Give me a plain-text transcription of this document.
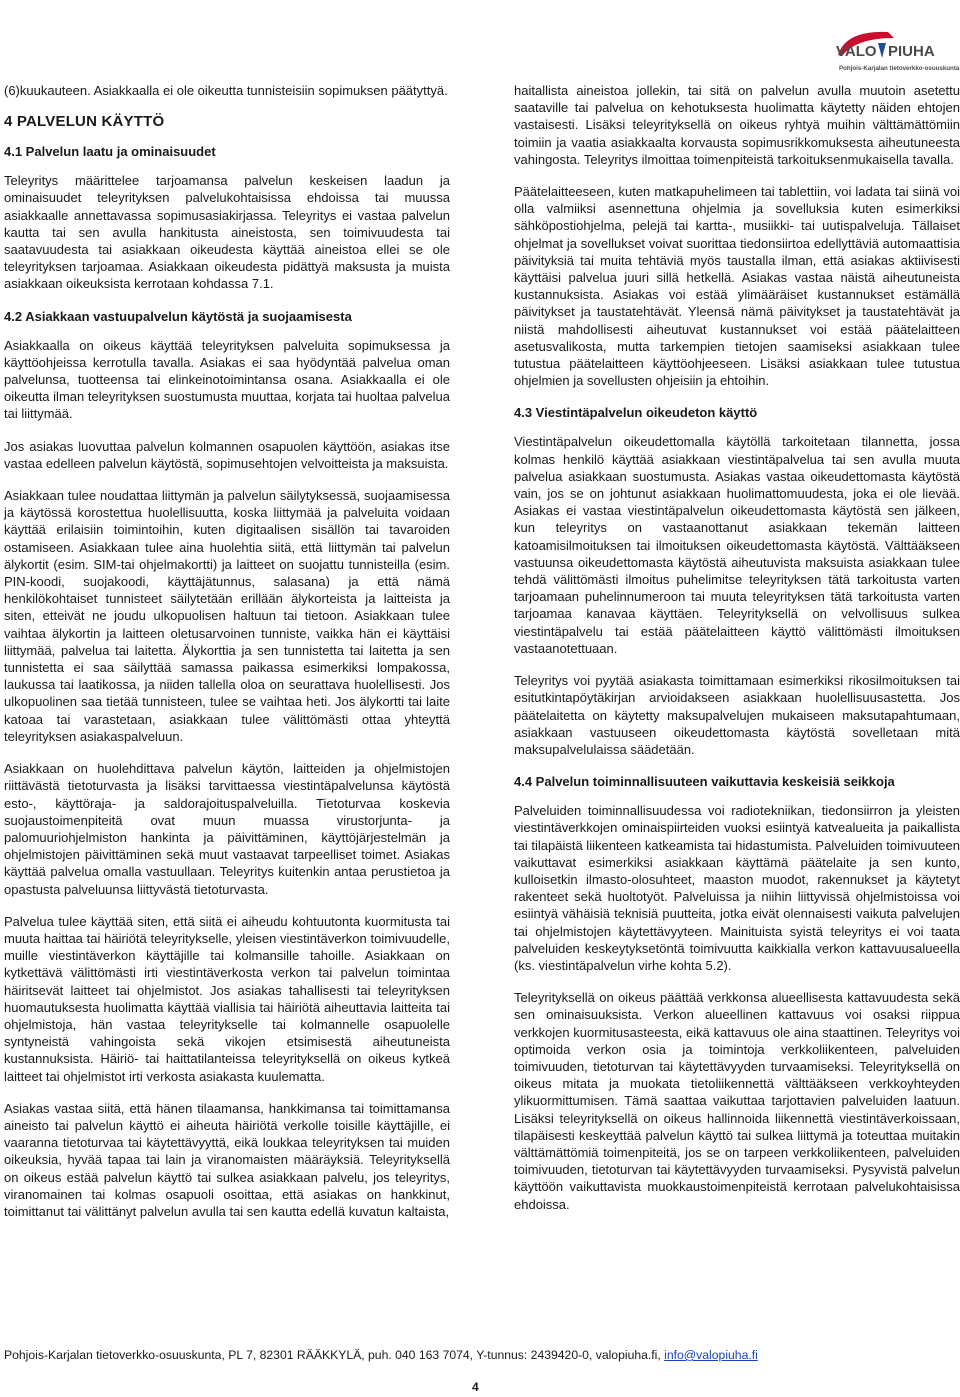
VALO PIUHA
Pohjois-Karjalan tietoverkko-osuuskunta

(6)kuukauteen. Asiakkaalla ei ole oikeutta tunnisteisiin sopimuksen päätyttyä.

4 PALVELUN KÄYTTÖ
4.1 Palvelun laatu ja ominaisuudet

Teleyritys määrittelee tarjoamansa palvelun keskeisen laadun ja ominaisuudet teleyrityksen palvelukohtaisissa ehdoissa tai muussa asiakkaalle annettavassa sopimusasiakirjassa. Teleyritys ei vastaa palvelun kautta tai sen avulla hankitusta aineistosta, sen toimivuudesta tai saatavuudesta tai asiakkaan oikeudesta käyttää aineistoa ellei se ole teleyrityksen tarjoamaa. Asiakkaan oikeudesta pidättyä maksusta ja muista asiakkaan oikeuksista kerrotaan kohdassa 7.1.

4.2 Asiakkaan vastuupalvelun käytöstä ja suojaamisesta

Asiakkaalla on oikeus käyttää teleyrityksen palveluita sopimuksessa ja käyttöohjeissa kerrotulla tavalla. Asiakas ei saa hyödyntää palvelua oman palvelunsa, tuotteensa tai elinkeinotoimintansa osana. Asiakkaalla ei ole oikeutta ilman teleyrityksen suostumusta muuttaa, korjata tai huoltaa palvelua tai liittymää.

Jos asiakas luovuttaa palvelun kolmannen osapuolen käyttöön, asiakas itse vastaa edelleen palvelun käytöstä, sopimusehtojen velvoitteista ja maksuista.

Asiakkaan tulee noudattaa liittymän ja palvelun säilytyksessä, suojaamisessa ja käytössä korostettua huolellisuutta, koska liittymää ja palveluita voidaan käyttää erilaisiin toimintoihin, kuten digitaalisen sisällön tai tavaroiden ostamiseen. Asiakkaan tulee aina huolehtia siitä, että liittymän tai palvelun älykortit (esim. SIM-tai ohjelmakortti) ja laitteet on suojattu tunnisteilla (esim. PIN-koodi, suojakoodi, käyttäjätunnus, salasana) ja että nämä henkilökohtaiset tunnisteet säilytetään erillään älykorteista ja laitteista ja siten, etteivät ne joudu ulkopuolisen haltuun tai tietoon. Asiakkaan tulee vaihtaa älykortin ja laitteen oletusarvoinen tunniste, vaikka hän ei käyttäisi liittymää, palvelua tai laitetta. Älykorttia ja sen tunnistetta tai laitetta ja sen tunnistetta ei saa säilyttää samassa paikassa esimerkiksi lompakossa, laukussa tai laatikossa, ja niiden tallella oloa on seurattava huolellisesti. Jos ulkopuolinen saa tietää tunnisteen, tulee se vaihtaa heti. Jos älykortti tai laite katoaa tai varastetaan, asiakkaan tulee välittömästi ottaa yhteyttä teleyrityksen asiakaspalveluun.

Asiakkaan on huolehdittava palvelun käytön, laitteiden ja ohjelmistojen riittävästä tietoturvasta ja lisäksi tarvittaessa viestintäpalvelunsa käytöstä esto-, käyttöraja- ja saldorajoituspalveluilla. Tietoturvaa koskevia suojaustoimenpiteitä ovat muun muassa virustorjunta- ja palomuuriohjelmiston hankinta ja päivittäminen, käyttöjärjestelmän ja ohjelmistojen päivittäminen sekä muut vastaavat tarpeelliset toimet. Asiakas käyttää palvelua omalla vastuullaan. Teleyritys kuitenkin antaa perustietoa ja opastusta palveluunsa liittyvästä tietoturvasta.

Palvelua tulee käyttää siten, että siitä ei aiheudu kohtuutonta kuormitusta tai muuta haittaa tai häiriötä teleyritykselle, yleisen viestintäverkon toimivuudelle, muille viestintäverkon käyttäjille tai kolmansille tahoille. Asiakkaan on kytkettävä välittömästi irti viestintäverkosta verkon tai palvelun toimintaa häiritsevät laitteet tai ohjelmistot. Jos asiakas tahallisesti tai teleyrityksen huomautuksesta huolimatta käyttää viallisia tai häiriötä aiheuttavia laitteita tai ohjelmistoja, hän vastaa teleyritykselle tai kolmannelle osapuolelle syntyneistä vahingoista sekä vikojen etsimisestä aiheutuneista kustannuksista. Häiriö- tai haittatilanteissa teleyrityksellä on oikeus kytkeä laitteet tai ohjelmistot irti verkosta asiakasta kuulematta.

Asiakas vastaa siitä, että hänen tilaamansa, hankkimansa tai toimittamansa aineisto tai palvelun käyttö ei aiheuta häiriötä verkolle toisille käyttäjille, ei vaaranna tietoturvaa tai käytettävyyttä, eikä loukkaa teleyrityksen tai muiden oikeuksia, hyvää tapaa tai lain ja viranomaisten määräyksiä. Teleyrityksellä on oikeus estää palvelun käyttö tai sulkea asiakkaan palvelu, jos teleyritys, viranomainen tai kolmas osapuoli osoittaa, että asiakas on hankkinut, toimittanut tai välittänyt palvelun avulla tai sen kautta edellä kuvatun kaltaista,

haitallista aineistoa jollekin, tai sitä on palvelun avulla muutoin asetettu saataville tai palvelua on kehotuksesta huolimatta käytetty näiden ehtojen vastaisesti. Lisäksi teleyrityksellä on oikeus ryhtyä muihin välttämättömiin toimiin ja vaatia asiakkaalta korvausta sopimusrikkomuksesta aiheutuneesta vahingosta. Teleyritys ilmoittaa toimenpiteistä tarkoituksenmukaisella tavalla.

Päätelaitteeseen, kuten matkapuhelimeen tai tablettiin, voi ladata tai siinä voi olla valmiiksi asennettuna ohjelmia ja sovelluksia kuten esimerkiksi sähköpostiohjelma, pelejä tai kartta-, musiikki- tai uutispalveluja. Tällaiset ohjelmat ja sovellukset voivat suorittaa tiedonsiirtoa edellyttäviä automaattisia päivityksiä tai muita tehtäviä myös taustalla ilman, että asiakas aktiivisesti käyttäisi palvelua juuri sillä hetkellä. Asiakas vastaa näistä aiheutuneista kustannuksista. Asiakas voi estää ylimääräiset kustannukset estämällä päivitykset ja taustatehtävät. Yleensä nämä päivitykset ja taustatehtävät ja niistä mahdollisesti aiheutuvat kustannukset voi estää päätelaitteen asetusvalikosta, mutta tarkempien tietojen saamiseksi asiakkaan tulee tutustua päätelaitteen käyttöohjeeseen. Lisäksi asiakkaan tulee tutustua ohjelmien ja sovellusten ohjeisiin ja ehtoihin.

4.3 Viestintäpalvelun oikeudeton käyttö

Viestintäpalvelun oikeudettomalla käytöllä tarkoitetaan tilannetta, jossa kolmas henkilö käyttää asiakkaan viestintäpalvelua tai sen avulla muuta palvelua asiakkaan suostumusta. Asiakas vastaa oikeudettomasta käytöstä vain, jos se on johtunut asiakkaan huolimattomuudesta, joka ei ole lievää. Asiakas ei vastaa viestintäpalvelun oikeudettomasta käytöstä sen jälkeen, kun teleyritys on vastaanottanut asiakkaan tekemän laitteen katoamisilmoituksen tai ilmoituksen oikeudettomasta käytöstä. Välttääkseen vastuunsa oikeudettomasta käytöstä aiheutuvista maksuista asiakkaan tulee tehdä välittömästi ilmoitus puhelimitse teleyrityksen tätä tarkoitusta varten tarjoamaan puhelinnumeroon tai muuta teleyrityksen tätä tarkoitusta varten tarjoamaa kanavaa käyttäen. Teleyrityksellä on velvollisuus sulkea viestintäpalvelu tai estää päätelaitteen käyttö välittömästi ilmoituksen vastaanotettuaan.

Teleyritys voi pyytää asiakasta toimittamaan esimerkiksi rikosilmoituksen tai esitutkintapöytäkirjan arvioidakseen asiakkaan huolellisuusastetta. Jos päätelaitetta on käytetty maksupalvelujen mukaiseen maksutapahtumaan, asiakkaan vastuuseen oikeudettomasta käytöstä sovelletaan mitä maksupalvelulaissa säädetään.

4.4 Palvelun toiminnallisuuteen vaikuttavia keskeisiä seikkoja

Palveluiden toiminnallisuudessa voi radiotekniikan, tiedonsiirron ja yleisten viestintäverkkojen ominaispiirteiden vuoksi esiintyä katvealueita ja paikallista tai tilapäistä liikenteen katkeamista tai hidastumista. Palveluiden toimivuuteen vaikuttavat esimerkiksi asiakkaan käyttämä päätelaite ja sen kunto, kulloisetkin ilmasto-olosuhteet, maaston muodot, rakennukset ja käytetyt rakenteet sekä huoltotyöt. Palveluissa ja niihin liittyvissä ohjelmistoissa voi esiintyä vähäisiä teknisiä puutteita, jotka eivät olennaisesti vaikuta palvelujen tai ohjelmistojen käytettävyyteen. Mainituista syistä teleyritys ei voi taata palveluiden keskeytyksetöntä toimivuutta kaikkialla verkon kattavuusalueella (ks. viestintäpalvelun virhe kohta 5.2).

Teleyrityksellä on oikeus päättää verkkonsa alueellisesta kattavuudesta sekä sen ominaisuuksista. Verkon alueellinen kattavuus voi osaksi riippua verkkojen kuormitusasteesta, eikä kattavuus ole aina staattinen. Teleyritys voi optimoida verkon osia ja toimintoja verkkoliikenteen, palveluiden toimivuuden, tietoturvan tai käytettävyyden turvaamiseksi. Teleyrityksellä on oikeus mitata ja muokata tietoliikennettä välttääkseen verkkoyhteyden ylikuormittumisen. Tämä saattaa vaikuttaa tarjottavien palveluiden laatuun. Lisäksi teleyrityksellä on oikeus hallinnoida liikennettä viestintäverkoissaan, tilapäisesti keskeyttää palvelun käyttö tai sulkea liittymä ja toteuttaa muitakin välttämättömiä toimenpiteitä, jos se on tarpeen verkkoliikenteen, palveluiden toimivuuden, tietoturvan tai käytettävyyden turvaamiseksi. Pysyvistä palvelun käyttöön vaikuttavista muokkaustoimenpiteistä kerrotaan palvelukohtaisissa ehdoissa.

Pohjois-Karjalan tietoverkko-osuuskunta, PL 7, 82301 RÄÄKKYLÄ, puh. 040 163 7074, Y-tunnus: 2439420-0, valopiuha.fi, info@valopiuha.fi
4
